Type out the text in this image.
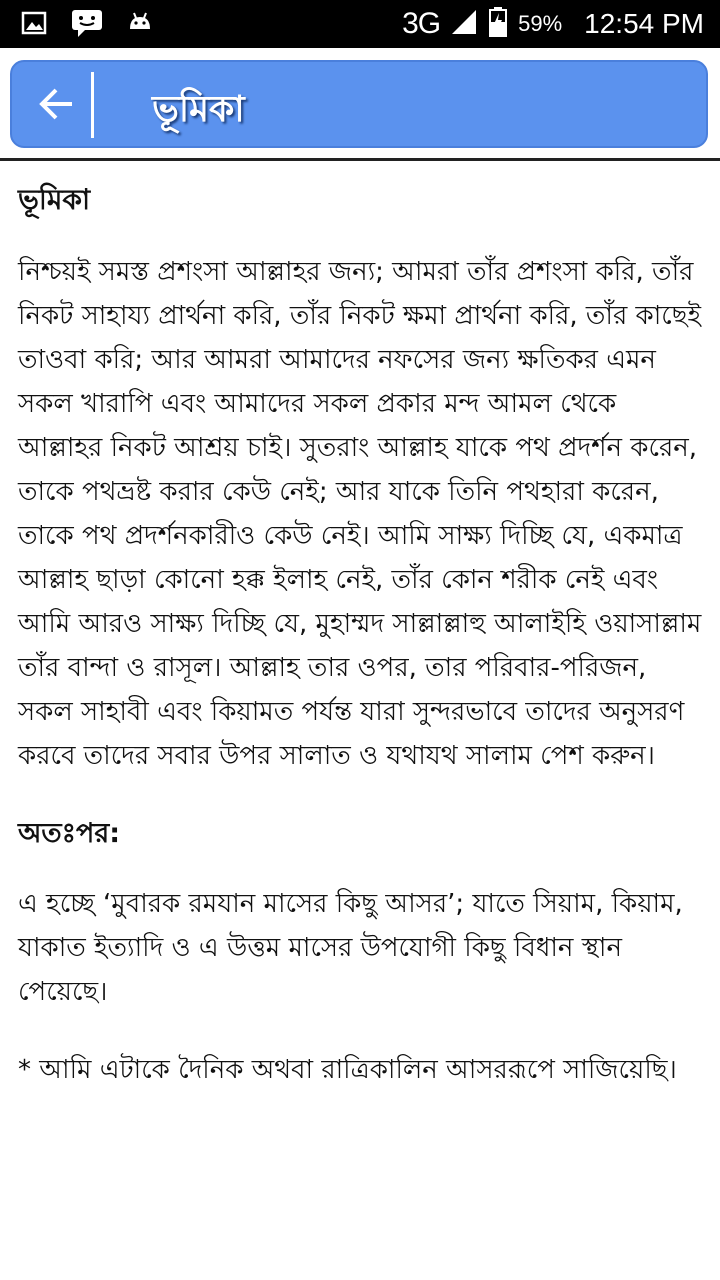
3G	59% 12:54 PM
ভূমিকা
ভূমিকা

নিশ্চয়ই সমস্ত প্রশংসা আল্লাহর জন্য; আমরা তাঁর প্রশংসা করি, তাঁর নিকট সাহায্য প্রার্থনা করি, তাঁর নিকট ক্ষমা প্রার্থনা করি, তাঁর কাছেই তাওবা করি; আর আমরা আমাদের নফসের জন্য ক্ষতিকর এমন সকল খারাপি এবং আমাদের সকল প্রকার মন্দ আমল থেকে আল্লাহর নিকট আশ্রয় চাই। সুতরাং আল্লাহ যাকে পথ প্রদর্শন করেন, তাকে পথভ্রষ্ট করার কেউ নেই; আর যাকে তিনি পথহারা করেন, তাকে পথ প্রদর্শনকারীও কেউ নেই। আমি সাক্ষ্য দিচ্ছি যে, একমাত্র আল্লাহ ছাড়া কোনো হক্ক ইলাহ নেই, তাঁর কোন শরীক নেই এবং আমি আরও সাক্ষ্য দিচ্ছি যে, মুহাম্মদ সাল্লাল্লাহু আলাইহি ওয়াসাল্লাম তাঁর বান্দা ও রাসূল। আল্লাহ তার ওপর, তার পরিবার-পরিজন, সকল সাহাবী এবং কিয়ামত পর্যন্ত যারা সুন্দরভাবে তাদের অনুসরণ করবে তাদের সবার উপর সালাত ও যথাযথ সালাম পেশ করুন।

অতঃপর:

এ হচ্ছে ‘মুবারক রমযান মাসের কিছু আসর’; যাতে সিয়াম, কিয়াম, যাকাত ইত্যাদি ও এ উত্তম মাসের উপযোগী কিছু বিধান স্থান পেয়েছে।

* আমি এটাকে দৈনিক অথবা রাত্রিকালিন আসররূপে সাজিয়েছি।
